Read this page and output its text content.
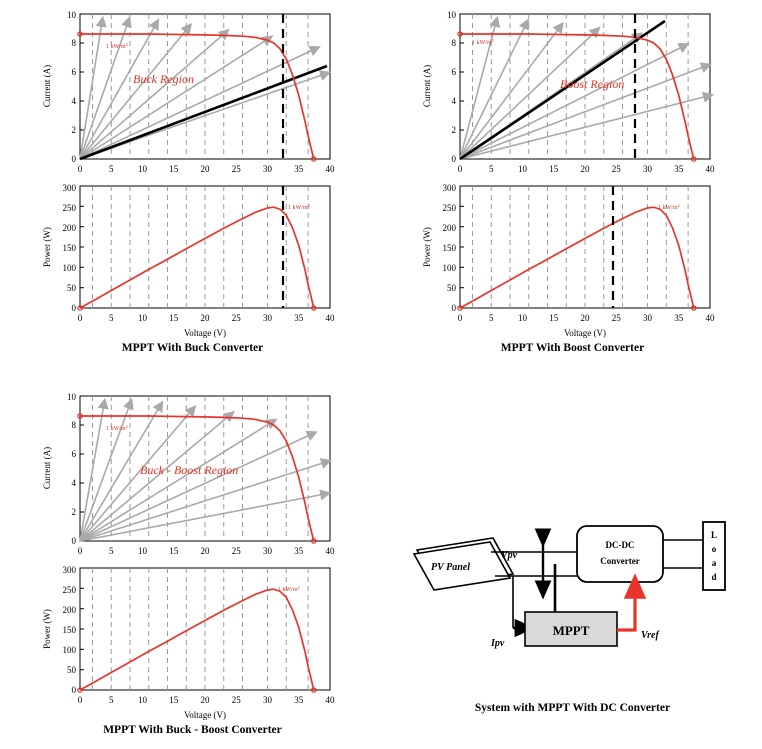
0
2
4
6
8
10
0	5	10 15 20 25 30 35 40
1 $kW/m^2$
Buck Region
Current (A)
0
50
100
150
200
250
300
0	5	10 15 20 25 30 35 40
1 $kW/m^2$
Power (W)
Voltage (V)
MPPT With Buck Converter
0
2
4
6
8
10
0	5	10 15 20 25 30 35 40
1 $kW/m^2$
Boost Region
Current (A)
0
50
100
150
200
250
300
0	5	10 15 20 25 30 35 40
1 $kW/m^2$
Power (W)
Voltage (V)
MPPT With Boost Converter
0
2
4
6
8
10
0	5	10 15 20 25 30 35 40
1 $kW/m^2$
Buck - Boost Region
Current (A)
0
50
100
150
200
250
300
0	5	10 15 20 25 30 35 40
1 $kW/m^2$
Power (W)
Voltage (V)
MPPT With Buck - Boost Converter
PV Panel
Vpv
DC-DC
Converter
L
o
a
d
Ipv
MPPT	Vref
System with MPPT With DC Converter
